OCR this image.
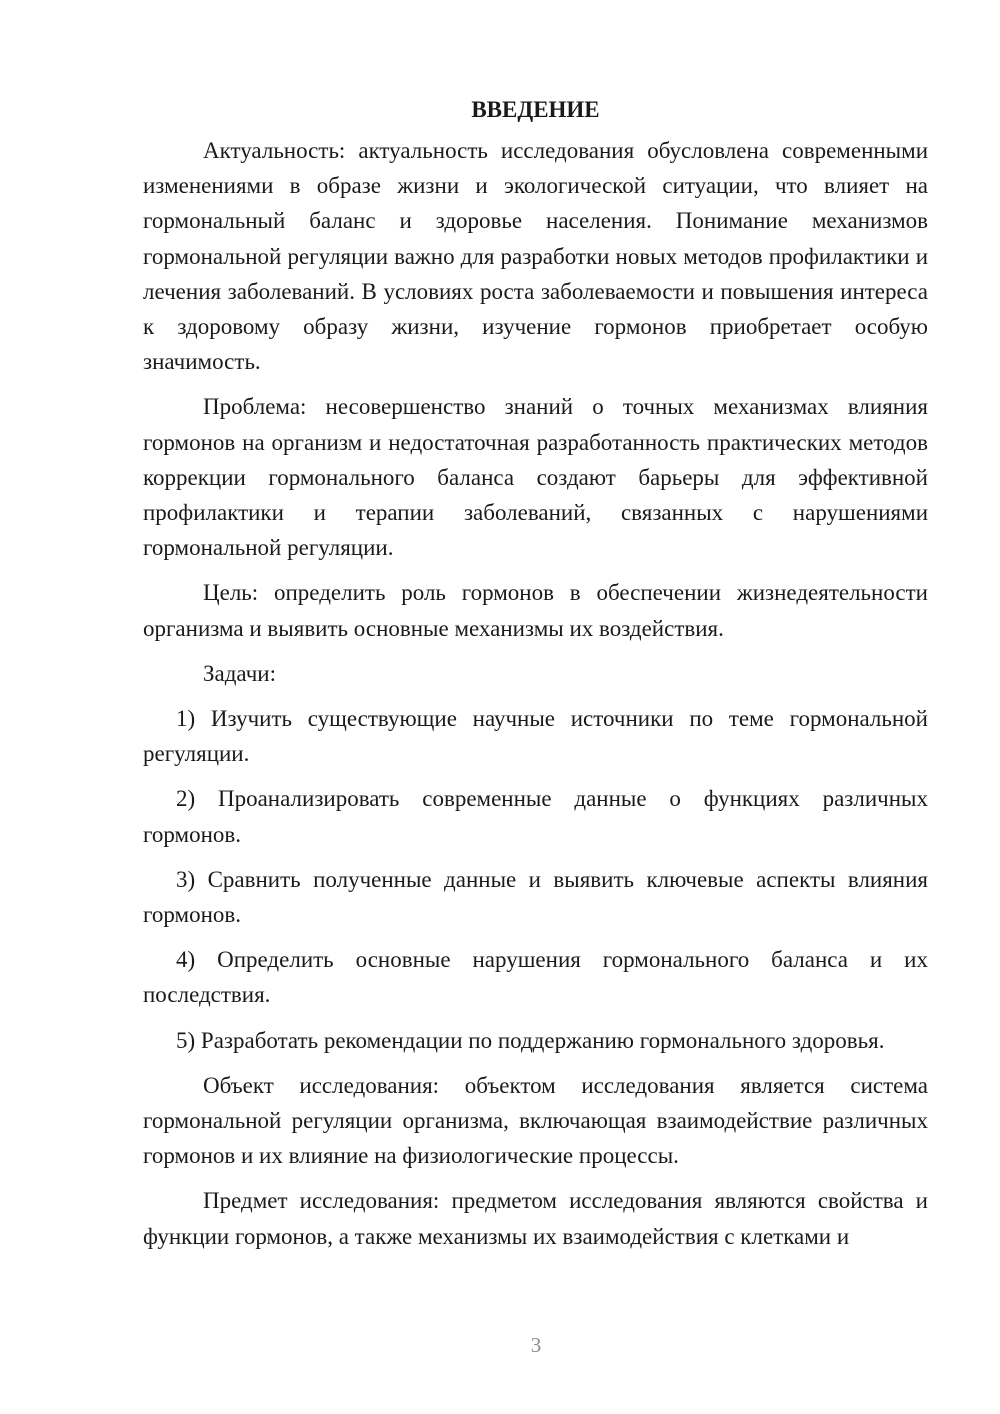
ВВЕДЕНИЕ

Актуальность: актуальность исследования обусловлена современными изменениями в образе жизни и экологической ситуации, что влияет на гормональный баланс и здоровье населения. Понимание механизмов гормональной регуляции важно для разработки новых методов профилактики и лечения заболеваний. В условиях роста заболеваемости и повышения интереса к здоровому образу жизни, изучение гормонов приобретает особую значимость.

Проблема: несовершенство знаний о точных механизмах влияния гормонов на организм и недостаточная разработанность практических методов коррекции гормонального баланса создают барьеры для эффективной профилактики и терапии заболеваний, связанных с нарушениями гормональной регуляции.

Цель: определить роль гормонов в обеспечении жизнедеятельности организма и выявить основные механизмы их воздействия.

Задачи:

1) Изучить существующие научные источники по теме гормональной регуляции.

2) Проанализировать современные данные о функциях различных гормонов.

3) Сравнить полученные данные и выявить ключевые аспекты влияния гормонов.

4) Определить основные нарушения гормонального баланса и их последствия.

5) Разработать рекомендации по поддержанию гормонального здоровья.

Объект исследования: объектом исследования является система гормональной регуляции организма, включающая взаимодействие различных гормонов и их влияние на физиологические процессы.

Предмет исследования: предметом исследования являются свойства и функции гормонов, а также механизмы их взаимодействия с клетками и

3
